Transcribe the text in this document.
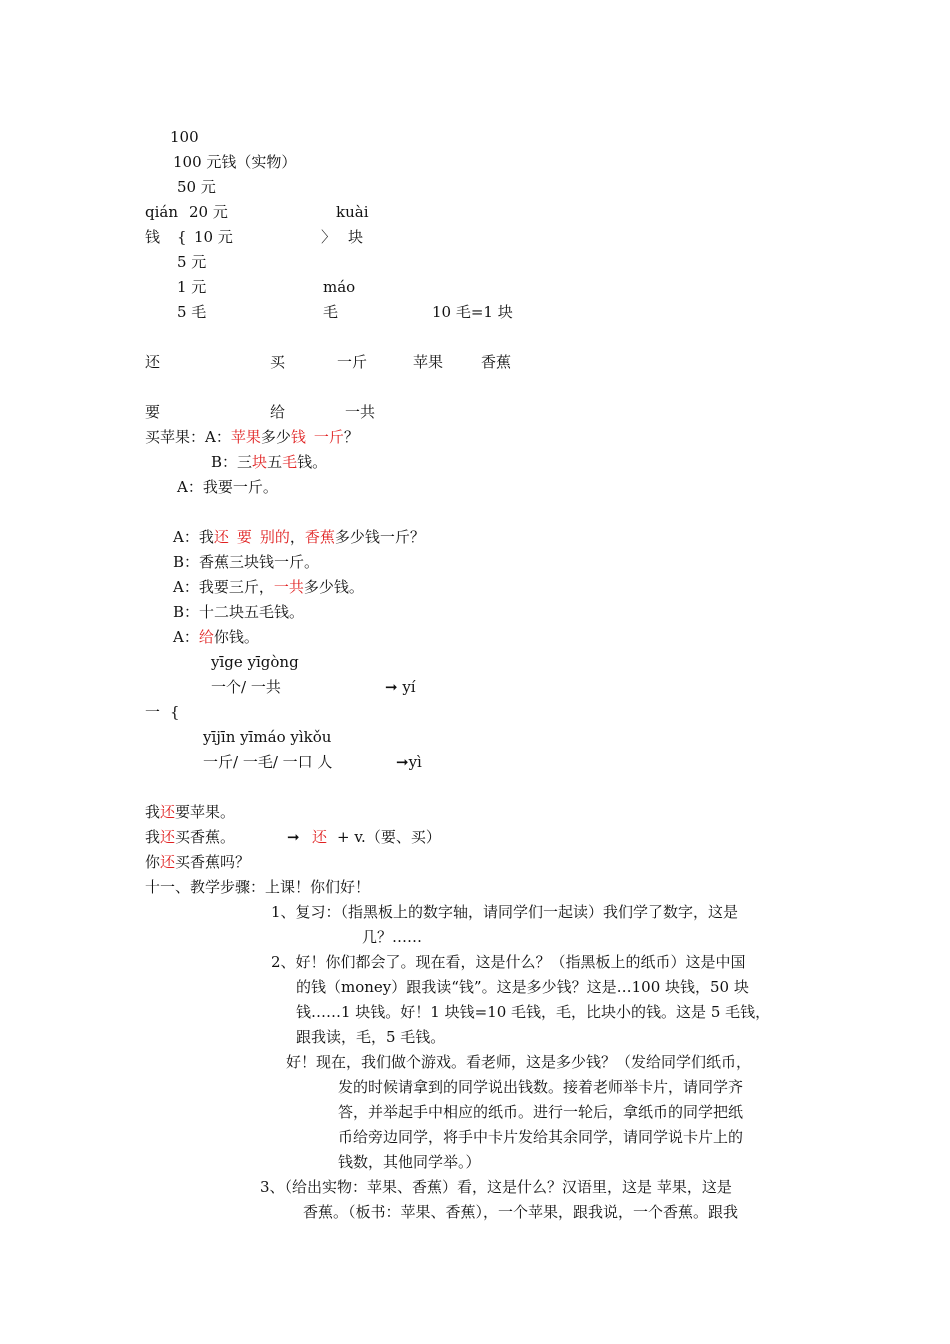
100
100 元钱（实物）
50 元
qián 20 元	kuài
钱 { 10 元	〉 块
5 元
1 元	máo
5 毛	毛	10 毛=1 块
还	买	一斤	苹果	香蕉
要	给	一共
买苹果：A：苹果多少钱 一斤？
B：三块五毛钱。
A：我要一斤。
A：我还 要 别的，香蕉多少钱一斤？
B：香蕉三块钱一斤。
A：我要三斤，一共多少钱。
B：十二块五毛钱。
A：给你钱。
yīge yīgòng
一个/ 一共	➞ yí
一 {
yījīn yīmáo yìkǒu
一斤/ 一毛/ 一口 人	➞yì
我还要苹果。
我还买香蕉。	➞ 还 + v.（要、买）
你还买香蕉吗？
十一、教学步骤：上课！你们好！
1、复习：（指黑板上的数字轴，请同学们一起读）我们学了数字，这是
几？……
2、好！你们都会了。现在看，这是什么？（指黑板上的纸币）这是中国
的钱（money）跟我读“钱”。这是多少钱？这是…100 块钱，50 块
钱……1 块钱。好！1 块钱=10 毛钱，毛，比块小的钱。这是 5 毛钱，
跟我读，毛，5 毛钱。
好！现在，我们做个游戏。看老师，这是多少钱？（发给同学们纸币，
发的时候请拿到的同学说出钱数。接着老师举卡片，请同学齐
答，并举起手中相应的纸币。进行一轮后，拿纸币的同学把纸
币给旁边同学，将手中卡片发给其余同学，请同学说卡片上的
钱数，其他同学举。）
3、（给出实物：苹果、香蕉）看，这是什么？汉语里，这是 苹果，这是
香蕉。（板书：苹果、香蕉），一个苹果，跟我说，一个香蕉。跟我
